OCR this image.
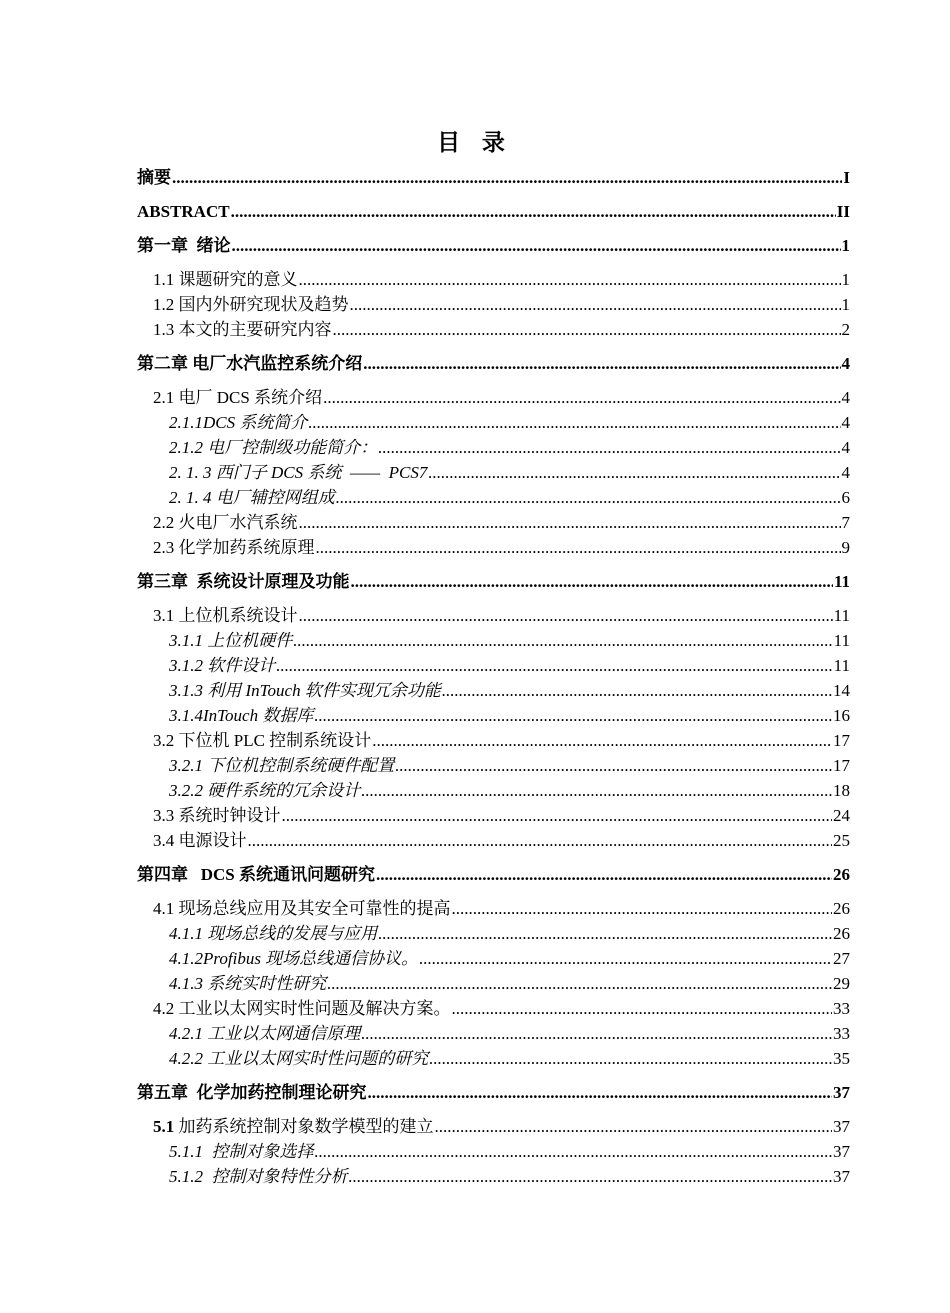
目 录
摘要 .....	I
ABSTRACT .....	II
第一章  绪论 .....	1
1.1 课题研究的意义 .....	1
1.2 国内外研究现状及趋势 .....	1
1.3 本文的主要研究内容 .....	2
第二章 电厂水汽监控系统介绍 .....	4
2.1 电厂 DCS 系统介绍 .....	4
2.1.1DCS 系统简介 .....	4
2.1.2 电厂控制级功能简介： .....	4
2. 1. 3 西门子 DCS 系统  ——  PCS7 .....	4
2. 1. 4 电厂辅控网组成 .....	6
2.2 火电厂水汽系统 .....	7
2.3 化学加药系统原理 .....	9
第三章  系统设计原理及功能 .....	11
3.1 上位机系统设计 .....	11
3.1.1 上位机硬件 .....	11
3.1.2 软件设计 .....	11
3.1.3 利用 InTouch 软件实现冗余功能 .....	14
3.1.4InTouch 数据库 .....	16
3.2 下位机 PLC 控制系统设计 .....	17
3.2.1 下位机控制系统硬件配置 .....	17
3.2.2 硬件系统的冗余设计 .....	18
3.3 系统时钟设计 .....	24
3.4 电源设计 .....	25
第四章   DCS 系统通讯问题研究 .....	26
4.1 现场总线应用及其安全可靠性的提高 .....	26
4.1.1 现场总线的发展与应用 .....	26
4.1.2Profibus 现场总线通信协议。 .....	27
4.1.3 系统实时性研究 .....	29
4.2 工业以太网实时性问题及解决方案。 .....	33
4.2.1 工业以太网通信原理 .....	33
4.2.2 工业以太网实时性问题的研究 .....	35
第五章  化学加药控制理论研究 .....	37
5.1 加药系统控制对象数学模型的建立 .....	37
5.1.1  控制对象选择 .....	37
5.1.2  控制对象特性分析 .....	37
